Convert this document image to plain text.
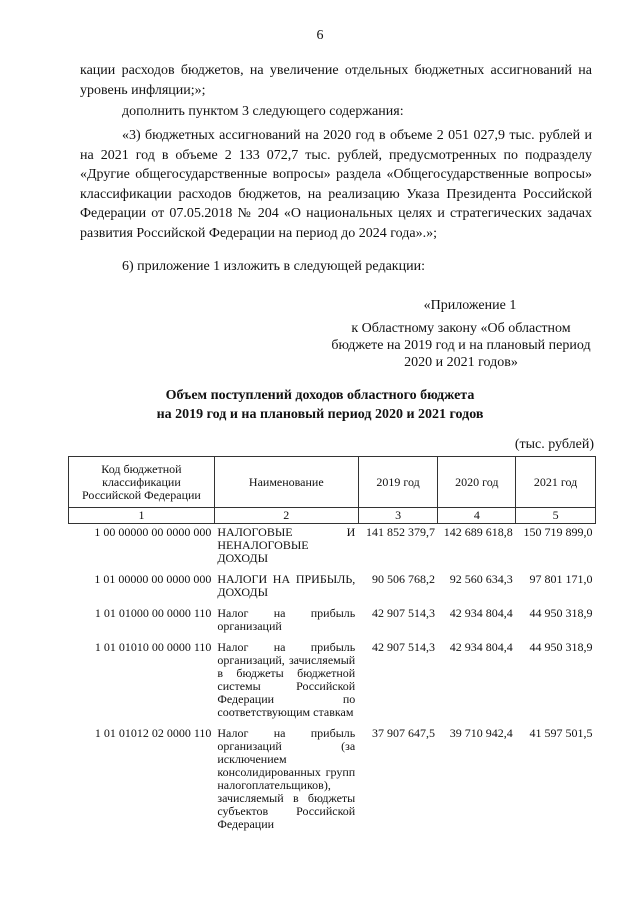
6
кации расходов бюджетов, на увеличение отдельных бюджетных ассигнований на уровень инфляции;»;
дополнить пунктом 3 следующего содержания:
«3) бюджетных ассигнований на 2020 год в объеме 2 051 027,9 тыс. рублей и на 2021 год в объеме 2 133 072,7 тыс. рублей, предусмотренных по подразделу «Другие общегосударственные вопросы» раздела «Общегосударственные вопросы» классификации расходов бюджетов, на реализацию Указа Президента Российской Федерации от 07.05.2018 № 204 «О национальных целях и стратегических задачах развития Российской Федерации на период до 2024 года».»;
6) приложение 1 изложить в следующей редакции:
«Приложение 1
к Областному закону «Об областном бюджете на 2019 год и на плановый период 2020 и 2021 годов»
Объем поступлений доходов областного бюджета
на 2019 год и на плановый период 2020 и 2021 годов
(тыс. рублей)
Код бюджетной классификации Российской Федерации	Наименование	2019 год	2020 год	2021 год
1	2	3	4	5
1 00 00000 00 0000 000	НАЛОГОВЫЕ И НЕНАЛОГОВЫЕ ДОХОДЫ	141 852 379,7	142 689 618,8	150 719 899,0
1 01 00000 00 0000 000	НАЛОГИ НА ПРИБЫЛЬ, ДОХОДЫ	90 506 768,2	92 560 634,3	97 801 171,0
1 01 01000 00 0000 110	Налог на прибыль организаций	42 907 514,3	42 934 804,4	44 950 318,9
1 01 01010 00 0000 110	Налог на прибыль организаций, зачисляемый в бюджеты бюджетной системы Российской Федерации по соответствующим ставкам	42 907 514,3	42 934 804,4	44 950 318,9
1 01 01012 02 0000 110	Налог на прибыль организаций (за исключением консолидированных групп налогоплательщиков), зачисляемый в бюджеты субъектов Российской Федерации	37 907 647,5	39 710 942,4	41 597 501,5
